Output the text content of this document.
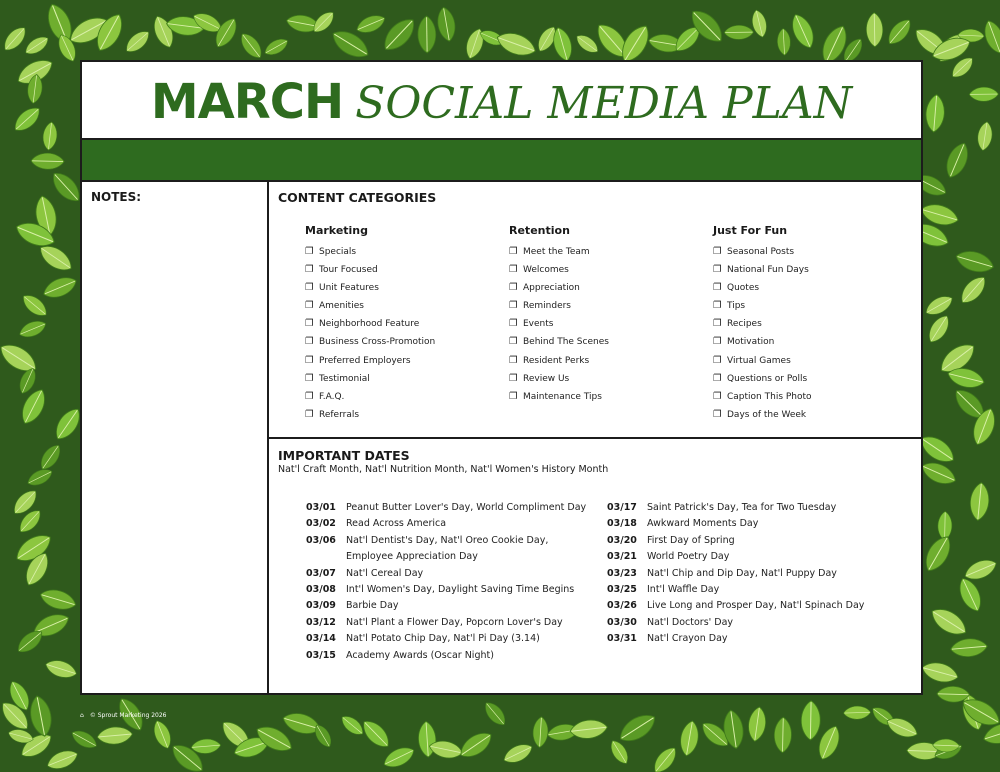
MARCH SOCIAL MEDIA PLAN
NOTES:	CONTENT CATEGORIES
Marketing
❐ Specials
❐ Tour Focused
❐ Unit Features
❐ Amenities
❐ Neighborhood Feature
❐ Business Cross-Promotion
❐ Preferred Employers
❐ Testimonial
❐ F.A.Q.
❐ Referrals
Retention
❐ Meet the Team
❐ Welcomes
❐ Appreciation
❐ Reminders
❐ Events
❐ Behind The Scenes
❐ Resident Perks
❐ Review Us
❐ Maintenance Tips
Just For Fun
❐ Seasonal Posts
❐ National Fun Days
❐ Quotes
❐ Tips
❐ Recipes
❐ Motivation
❐ Virtual Games
❐ Questions or Polls
❐ Caption This Photo
❐ Days of the Week
IMPORTANT DATES
Nat'l Craft Month, Nat'l Nutrition Month, Nat'l Women's History Month
03/01 Peanut Butter Lover's Day, World Compliment Day
03/02 Read Across America
03/06 Nat'l Dentist's Day, Nat'l Oreo Cookie Day,
Employee Appreciation Day
03/07 Nat'l Cereal Day
03/08 Int'l Women's Day, Daylight Saving Time Begins
03/09 Barbie Day
03/12 Nat'l Plant a Flower Day, Popcorn Lover's Day
03/14 Nat'l Potato Chip Day, Nat'l Pi Day (3.14)
03/15 Academy Awards (Oscar Night)
03/17 Saint Patrick's Day, Tea for Two Tuesday
03/18 Awkward Moments Day
03/20 First Day of Spring
03/21 World Poetry Day
03/23 Nat'l Chip and Dip Day, Nat'l Puppy Day
03/25 Int'l Waffle Day
03/26 Live Long and Prosper Day, Nat'l Spinach Day
03/30 Nat'l Doctors' Day
03/31 Nat'l Crayon Day
⌂ © Sprout Marketing 2026
